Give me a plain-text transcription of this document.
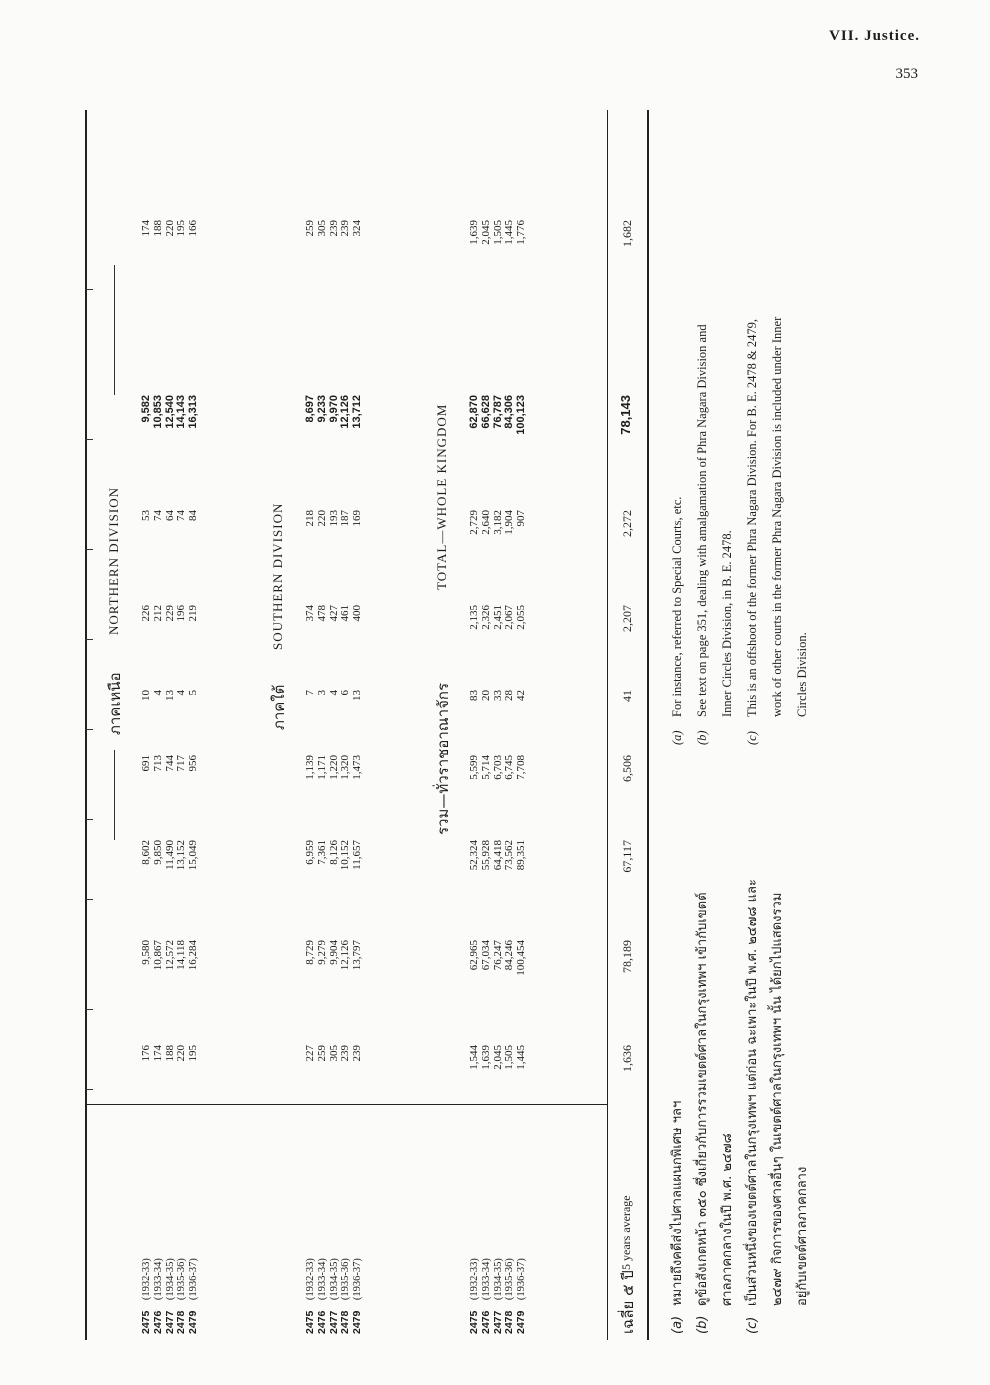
VII. Justice.
353
ภาคเหนือ
NORTHERN DIVISION
2475    (1932-33)
2476    (1933-34)
2477    (1934-35)
2478    (1935-36)
2479    (1936-37)
176 174 188 220 195
9,580 10,867 12,572 14,118 16,284
8,602 9,850 11,490 13,152 15,049
691 713 744 717 956
10 4 13 4 5
226 212 229 196 219
53 74 64 74 84
9,582 10,853 12,540 14,143 16,313
174 188 220 195 166
ภาคใต้
SOUTHERN DIVISION
2475    (1932-33)
2476    (1933-34)
2477    (1934-35)
2478    (1935-36)
2479    (1936-37)
227 259 305 239 239
8,729 9,279 9,904 12,126 13,797
6,959 7,361 8,126 10,152 11,657
1,139 1,171 1,220 1,320 1,473
7 3 4 6 13
374 478 427 461 400
218 220 193 187 169
8,697 9,233 9,970 12,126 13,712
259 305 239 239 324
รวม—ทั่วราชอาณาจักร
TOTAL—WHOLE KINGDOM
2475    (1932-33)
2476    (1933-34)
2477    (1934-35)
2478    (1935-36)
2479    (1936-37)
1,544 1,639 2,045 1,505 1,445
62,965 67,034 76,247 84,246 100,454
52,324 55,928 64,418 73,562 89,351
5,599 5,714 6,703 6,745 7,708
83 20 33 28 42
2,135 2,326 2,451 2,067 2,055
2,729 2,640 3,182 1,904 907
62,870 66,628 76,787 84,306 100,123
1,639 2,045 1,505 1,445 1,776
เฉลี่ย ๕ ปี
5 years average
1,636
78,189
67,117
6,506
41
2,207
2,272
78,143
1,682
(a)
หมายถึงคดีส่งไปศาลแผนกพิเศษ ฯลฯ
(b)
ดูข้อสังเกตหน้า ๓๕๐ ซึ่งเกี่ยวกับการรวมเขตต์ศาลในกรุงเทพฯ เข้ากับเขตต์ ศาลภาคกลางในปี พ.ศ. ๒๔๗๘
(c)
เป็นส่วนหนึ่งของเขตต์ศาลในกรุงเทพฯ แต่ก่อน ฉะเพาะในปี พ.ศ. ๒๔๗๘ และ ๒๔๗๙ กิจการของศาลอื่นๆ ในเขตต์ศาลในกรุงเทพฯ นั้น ได้ยกไปแสดงรวม อยู่กับเขตต์ศาลภาคกลาง
(a)
For instance, referred to Special Courts, etc.
(b)
See text on page 351, dealing with amalgamation of Phra Nagara Division and Inner Circles Division, in B. E. 2478.
(c)
This is an offshoot of the former Phra Nagara Division. For B. E. 2478 & 2479, work of other courts in the former Phra Nagara Division is included under Inner Circles Division.
